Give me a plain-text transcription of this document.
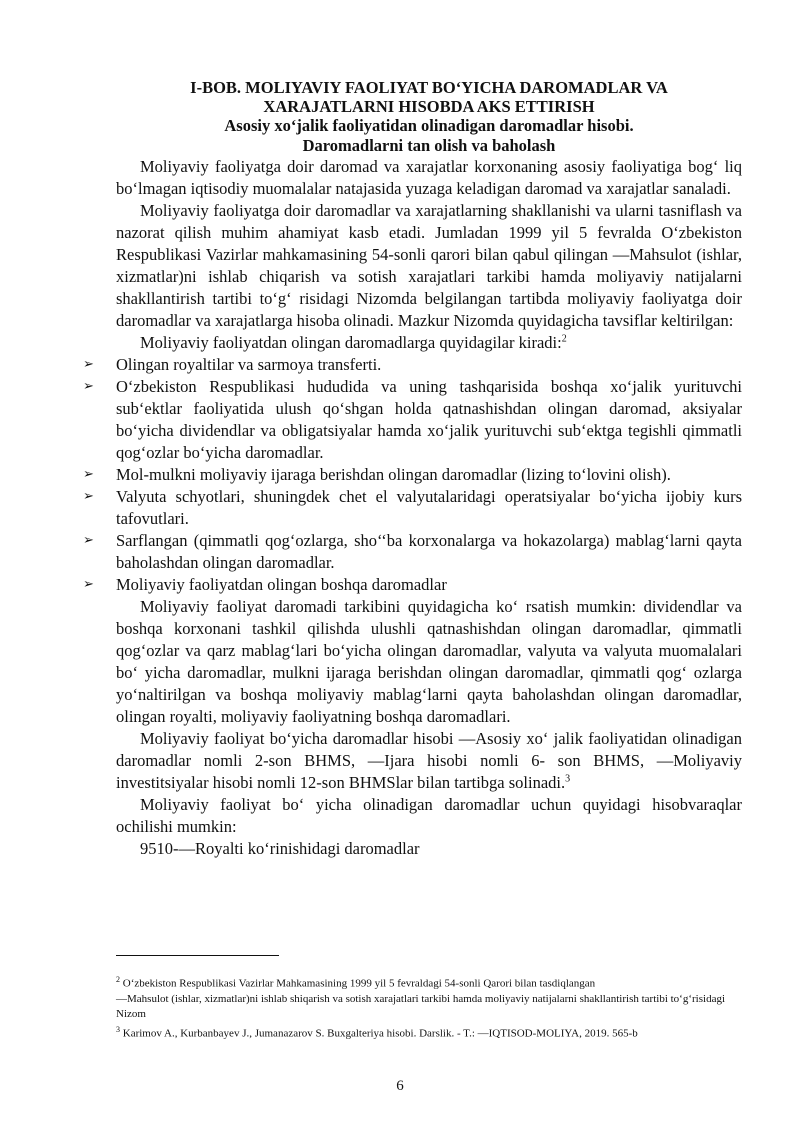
I-BOB. MOLIYAVIY FAOLIYAT BO‘YICHA DAROMADLAR VA
XARAJATLARNI HISOBDA AKS ETTIRISH
Asosiy xo‘jalik faoliyatidan olinadigan daromadlar hisobi.
Daromadlarni tan olish va baholash

Moliyaviy faoliyatga doir daromad va xarajatlar korxonaning asosiy faoliyatiga bog‘ liq bo‘lmagan iqtisodiy muomalalar natajasida yuzaga keladigan daromad va xarajatlar sanaladi.

Moliyaviy faoliyatga doir daromadlar va xarajatlarning shakllanishi va ularni tasniflash va nazorat qilish muhim ahamiyat kasb etadi. Jumladan 1999 yil 5 fevralda O‘zbekiston Respublikasi Vazirlar mahkamasining 54-sonli qarori bilan qabul qilingan ―Mahsulot (ishlar, xizmatlar)ni ishlab chiqarish va sotish xarajatlari tarkibi hamda moliyaviy natijalarni shakllantirish tartibi to‘g‘ risidagi Nizomda belgilangan tartibda moliyaviy faoliyatga doir daromadlar va xarajatlarga hisoba olinadi. Mazkur Nizomda quyidagicha tavsiflar keltirilgan:

Moliyaviy faoliyatdan olingan daromadlarga quyidagilar kiradi:$^2$

➢ Olingan royaltilar va sarmoya transferti.
➢ O‘zbekiston Respublikasi hududida va uning tashqarisida boshqa xo‘jalik yurituvchi sub‘ektlar faoliyatida ulush qo‘shgan holda qatnashishdan olingan daromad, aksiyalar bo‘yicha dividendlar va obligatsiyalar hamda xo‘jalik yurituvchi sub‘ektga tegishli qimmatli qog‘ozlar bo‘yicha daromadlar.
➢ Mol-mulkni moliyaviy ijaraga berishdan olingan daromadlar (lizing to‘lovini olish).
➢ Valyuta schyotlari, shuningdek chet el valyutalaridagi operatsiyalar bo‘yicha ijobiy kurs tafovutlari.
➢ Sarflangan (qimmatli qog‘ozlarga, sho‘‘ba korxonalarga va hokazolarga) mablag‘larni qayta baholashdan olingan daromadlar.
➢ Moliyaviy faoliyatdan olingan boshqa daromadlar

Moliyaviy faoliyat daromadi tarkibini quyidagicha ko‘ rsatish mumkin: dividendlar va boshqa korxonani tashkil qilishda ulushli qatnashishdan olingan daromadlar, qimmatli qog‘ozlar va qarz mablag‘lari bo‘yicha olingan daromadlar, valyuta va valyuta muomalalari bo‘ yicha daromadlar, mulkni ijaraga berishdan olingan daromadlar, qimmatli qog‘ ozlarga yo‘naltirilgan va boshqa moliyaviy mablag‘larni qayta baholashdan olingan daromadlar, olingan royalti, moliyaviy faoliyatning boshqa daromadlari.

Moliyaviy faoliyat bo‘yicha daromadlar hisobi ―Asosiy xo‘ jalik faoliyatidan olinadigan daromadlar nomli 2-son BHMS, ―Ijara hisobi nomli 6- son BHMS, ―Moliyaviy investitsiyalar hisobi nomli 12-son BHMSlar bilan tartibga solinadi.$^3$

Moliyaviy faoliyat bo‘ yicha olinadigan daromadlar uchun quyidagi hisobvaraqlar ochilishi mumkin:

9510-―Royalti ko‘rinishidagi daromadlar

$^2$ O‘zbekiston Respublikasi Vazirlar Mahkamasining 1999 yil 5 fevraldagi 54-sonli Qarori bilan tasdiqlangan

―Mahsulot (ishlar, xizmatlar)ni ishlab shiqarish va sotish xarajatlari tarkibi hamda moliyaviy natijalarni shakllantirish tartibi to‘g‘risidagi Nizom

$^3$ Karimov A., Kurbanbayev J., Jumanazarov S. Buxgalteriya hisobi. Darslik. - T.: ―IQTISOD-MOLIYA, 2019. 565-b

6
